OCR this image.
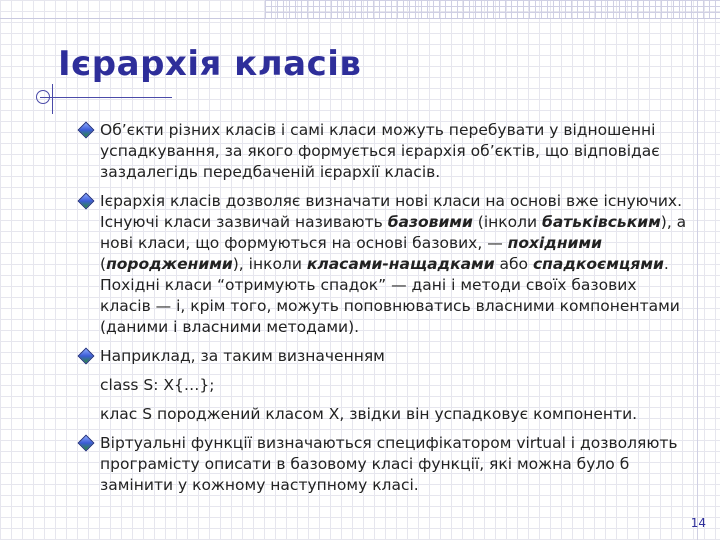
Ієрархія класів
Об’єкти різних класів і самі класи можуть перебувати у відношенні успадкування, за якого формується ієрархія об’єктів, що відповідає заздалегідь передбаченій ієрархії класів.
Ієрархія класів дозволяє визначати нові класи на основі вже існуючих. Існуючі класи зазвичай називають базовими (інколи батьківським), а нові класи, що формуються на основі базових, — похідними (породженими), інколи класами-нащадками або спадкоємцями. Похідні класи “отримують спадок” — дані і методи своїх базових класів — і, крім того, можуть поповнюватись власними компонентами (даними і власними методами).
Наприклад, за таким визначенням
class S: X{…};
клас S породжений класом X, звідки він успадковує компоненти.
Віртуальні функції визначаються специфікатором virtual і дозволяють програмісту описати в базовому класі функції, які можна було б замінити у кожному наступному класі.
14
